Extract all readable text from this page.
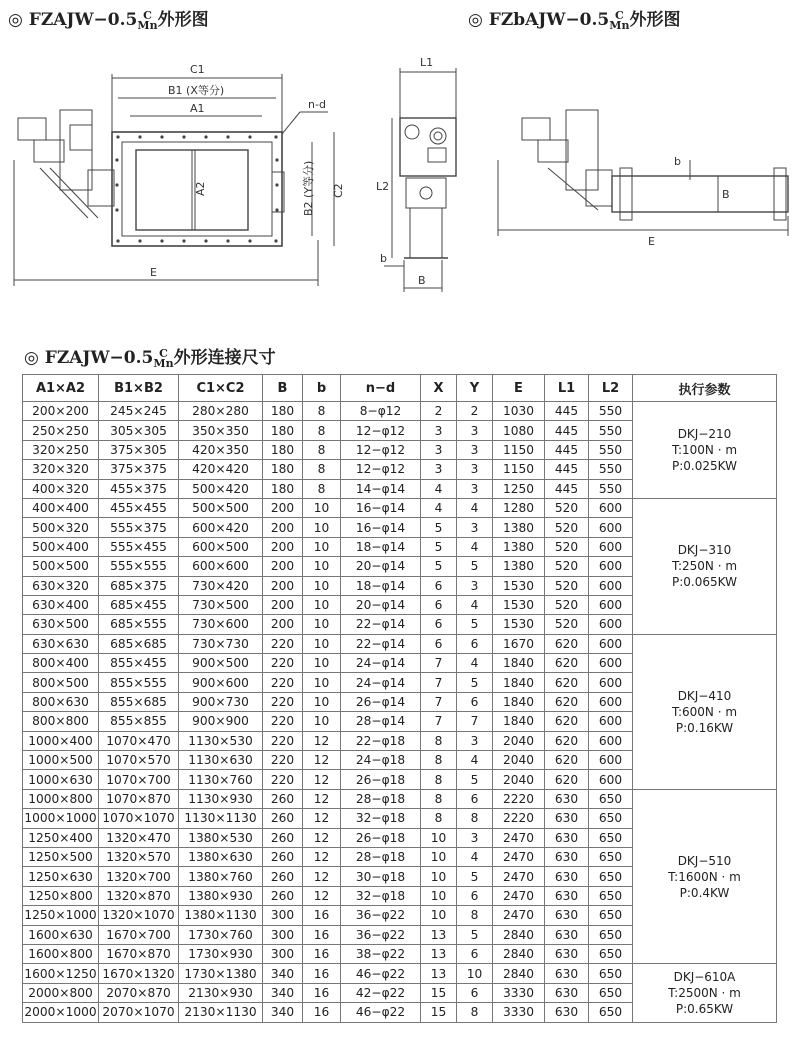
◎ FZAJW−0.5 C
Mn 外形图	◎ FZbAJW−0.5 C
Mn 外形图
C1
B1 (X等分)
A1	n-d
A2	B2 (Y等分) C2
E
L1
L2
b
B
b
B
E
◎ FZAJW−0.5 C
Mn 外形连接尺寸
A1×A2	B1×B2	C1×C2	B	b	n−d	X	Y	E	L1	L2	执行参数
200×200	245×245	280×280	180	8	8−φ12	2	2	1030	445	550	DKJ−210
T:100N · m
P:0.025KW
250×250	305×305	350×350	180	8	12−φ12	3	3	1080	445	550	
320×250	375×305	420×350	180	8	12−φ12	3	3	1150	445	550	
320×320	375×375	420×420	180	8	12−φ12	3	3	1150	445	550	
400×320	455×375	500×420	180	8	14−φ14	4	3	1250	445	550	
400×400	455×455	500×500	200	10	16−φ14	4	4	1280	520	600	DKJ−310
T:250N · m
P:0.065KW
500×320	555×375	600×420	200	10	16−φ14	5	3	1380	520	600	
500×400	555×455	600×500	200	10	18−φ14	5	4	1380	520	600	
500×500	555×555	600×600	200	10	20−φ14	5	5	1380	520	600	
630×320	685×375	730×420	200	10	18−φ14	6	3	1530	520	600	
630×400	685×455	730×500	200	10	20−φ14	6	4	1530	520	600	
630×500	685×555	730×600	200	10	22−φ14	6	5	1530	520	600	
630×630	685×685	730×730	220	10	22−φ14	6	6	1670	620	600	DKJ−410
T:600N · m
P:0.16KW
800×400	855×455	900×500	220	10	24−φ14	7	4	1840	620	600	
800×500	855×555	900×600	220	10	24−φ14	7	5	1840	620	600	
800×630	855×685	900×730	220	10	26−φ14	7	6	1840	620	600	
800×800	855×855	900×900	220	10	28−φ14	7	7	1840	620	600	
1000×400	1070×470	1130×530	220	12	22−φ18	8	3	2040	620	600	
1000×500	1070×570	1130×630	220	12	24−φ18	8	4	2040	620	600	
1000×630	1070×700	1130×760	220	12	26−φ18	8	5	2040	620	600	
1000×800	1070×870	1130×930	260	12	28−φ18	8	6	2220	630	650	DKJ−510
T:1600N · m
P:0.4KW
1000×1000	1070×1070	1130×1130	260	12	32−φ18	8	8	2220	630	650	
1250×400	1320×470	1380×530	260	12	26−φ18	10	3	2470	630	650	
1250×500	1320×570	1380×630	260	12	28−φ18	10	4	2470	630	650	
1250×630	1320×700	1380×760	260	12	30−φ18	10	5	2470	630	650	
1250×800	1320×870	1380×930	260	12	32−φ18	10	6	2470	630	650	
1250×1000	1320×1070	1380×1130	300	16	36−φ22	10	8	2470	630	650	
1600×630	1670×700	1730×760	300	16	36−φ22	13	5	2840	630	650	
1600×800	1670×870	1730×930	300	16	38−φ22	13	6	2840	630	650	
1600×1250	1670×1320	1730×1380	340	16	46−φ22	13	10	2840	630	650	DKJ−610A
T:2500N · m
P:0.65KW
2000×800	2070×870	2130×930	340	16	42−φ22	15	6	3330	630	650	
2000×1000	2070×1070	2130×1130	340	16	46−φ22	15	8	3330	630	650	
